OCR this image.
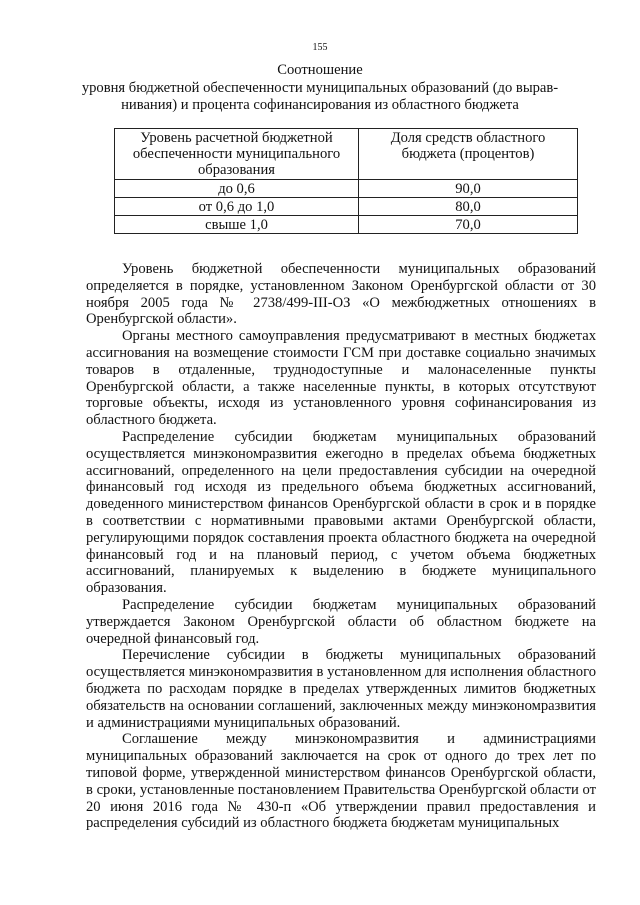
155
Соотношение
уровня бюджетной обеспеченности муниципальных образований (до вырав-
нивания) и процента софинансирования из областного бюджета
Уровень расчетной бюджетной обеспеченности муниципального образования	Доля средств областного бюджета (процентов)
до 0,6	90,0
от 0,6 до 1,0	80,0
свыше 1,0	70,0

Уровень бюджетной обеспеченности муниципальных образований определяется в порядке, установленном Законом Оренбургской области от 30 ноября 2005 года № 2738/499-III-ОЗ «О межбюджетных отношениях в Оренбургской области».

Органы местного самоуправления предусматривают в местных бюджетах ассигнования на возмещение стоимости ГСМ при доставке социально значимых товаров в отдаленные, труднодоступные и малонаселенные пункты Оренбургской области, а также населенные пункты, в которых отсутствуют торговые объекты, исходя из установленного уровня софинансирования из областного бюджета.

Распределение субсидии бюджетам муниципальных образований осуществляется минэкономразвития ежегодно в пределах объема бюджетных ассигнований, определенного на цели предоставления субсидии на очередной финансовый год исходя из предельного объема бюджетных ассигнований, доведенного министерством финансов Оренбургской области в срок и в порядке в соответствии с нормативными правовыми актами Оренбургской области, регулирующими порядок составления проекта областного бюджета на очередной финансовый год и на плановый период, с учетом объема бюджетных ассигнований, планируемых к выделению в бюджете муниципального образования.

Распределение субсидии бюджетам муниципальных образований утверждается Законом Оренбургской области об областном бюджете на очередной финансовый год.

Перечисление субсидии в бюджеты муниципальных образований осуществляется минэкономразвития в установленном для исполнения областного бюджета по расходам порядке в пределах утвержденных лимитов бюджетных обязательств на основании соглашений, заключенных между минэкономразвития и администрациями муниципальных образований.

Соглашение между минэкономразвития и администрациями муниципальных образований заключается на срок от одного до трех лет по типовой форме, утвержденной министерством финансов Оренбургской области, в сроки, установленные постановлением Правительства Оренбургской области от 20 июня 2016 года № 430-п «Об утверждении правил предоставления и распределения субсидий из областного бюджета бюджетам муниципальных
